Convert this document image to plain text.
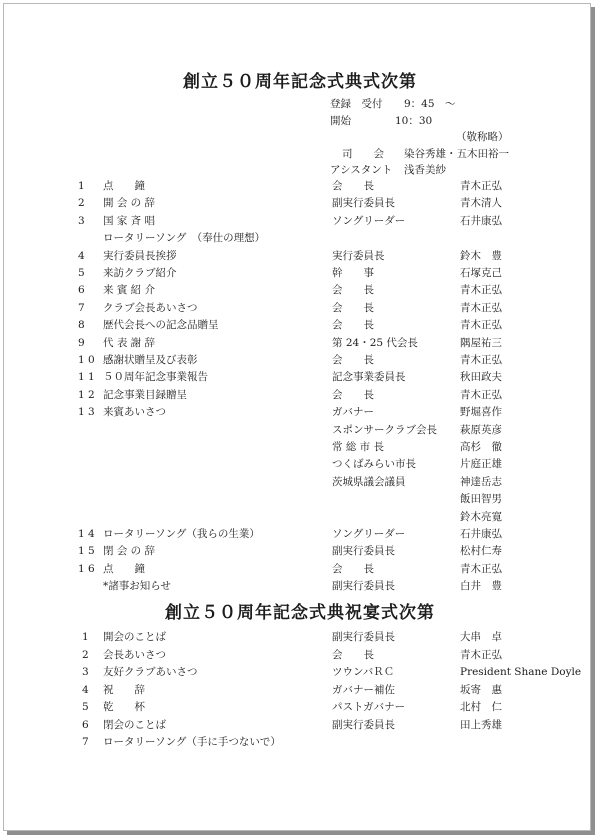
創立５０周年記念式典式次第
登録　受付 9：45　～
開始	10：30
（敬称略）
司　　会 染谷秀雄・五木田裕一
アシスタント 浅香美紗
1 点　　鐘	会　　長	青木正弘
2 開 会 の 辞	副実行委員長	青木清人
3 国 家 斉 唱	ソングリーダー	石井康弘
ロータリーソング　（奉仕の理想）
4 実行委員長挨拶	実行委員長	鈴木　豊
5 来訪クラブ紹介	幹　　事	石塚克己
6 来 賓 紹 介	会　　長	青木正弘
7 クラブ会長あいさつ	会　　長	青木正弘
8 歴代会長への記念品贈呈	会　　長	青木正弘
9 代 表 謝 辞	第 24・25 代会長	隅屋祐三
1 0 感謝状贈呈及び表彰	会　　長	青木正弘
1 1 ５０周年記念事業報告	記念事業委員長	秋田政夫
1 2 記念事業目録贈呈	会　　長	青木正弘
1 3 来賓あいさつ	ガバナー	野堀喜作
スポンサークラブ会長 萩原英彦
常 総 市 長	高杉　徹
つくばみらい市長	片庭正雄
茨城県議会議員	神達岳志
飯田智男
鈴木亮寛
1 4 ロータリーソング（我らの生業）	ソングリーダー	石井康弘
1 5 閉 会 の 辞	副実行委員長	松村仁寿
1 6 点　　鐘	会　　長	青木正弘
*諸事お知らせ	副実行委員長	白井　豊
創立５０周年記念式典祝宴式次第
1 開会のことば	副実行委員長	大串　卓
2 会長あいさつ	会　　長	青木正弘
3 友好クラブあいさつ	ツウンバＲＣ	President Shane Doyle
4 祝　　辞	ガバナー補佐	坂寄　惠
5 乾　　杯	パストガバナー	北村　仁
6 閉会のことば	副実行委員長	田上秀雄
7 ロータリーソング（手に手つないで）
